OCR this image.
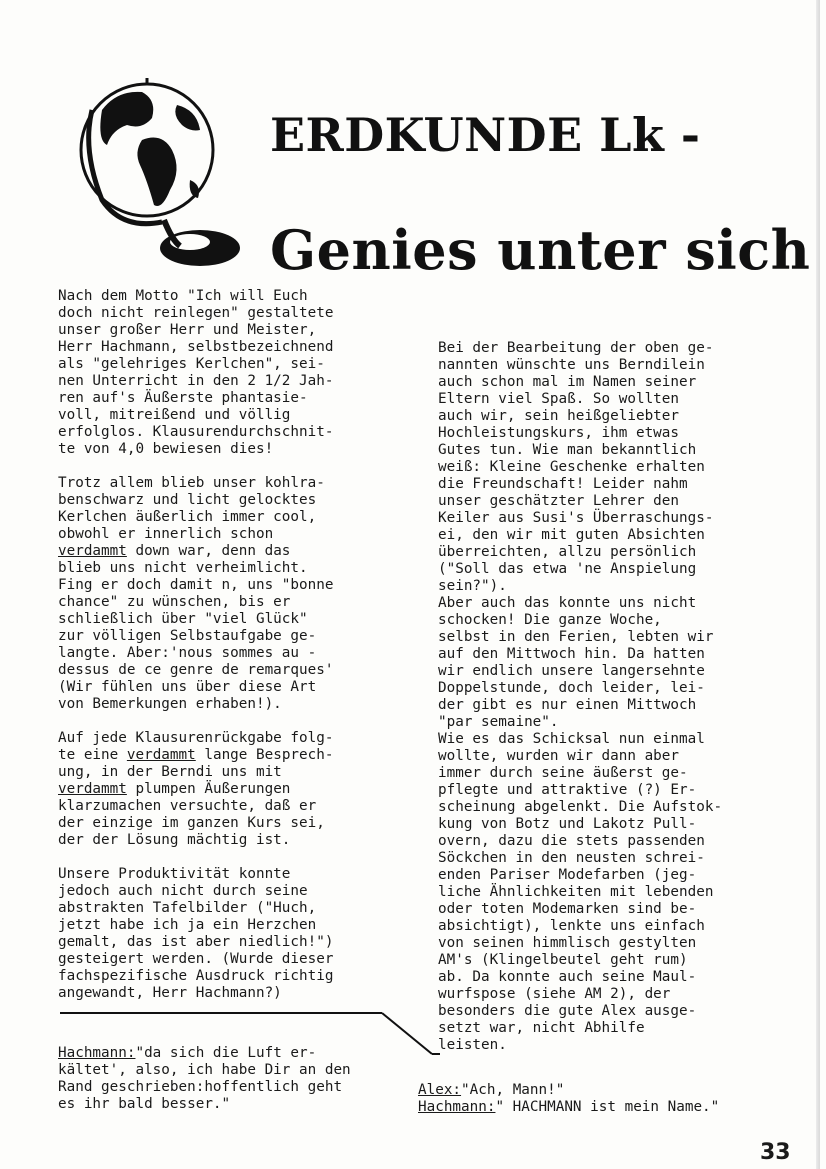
ERDKUNDE Lk -
Genies unter sich

Nach dem Motto "Ich will Euch
doch nicht reinlegen" gestaltete
unser großer Herr und Meister,
Herr Hachmann, selbstbezeichnend
als "gelehriges Kerlchen", sei-
nen Unterricht in den 2 1/2 Jah-
ren auf's Äußerste phantasie-
voll, mitreißend und völlig
erfolglos. Klausurendurchschnit-
te von 4,0 bewiesen dies!

Trotz allem blieb unser kohlra-
benschwarz und licht gelocktes
Kerlchen äußerlich immer cool,
obwohl er innerlich schon
verdammt down war, denn das
blieb uns nicht verheimlicht.
Fing er doch damit n, uns "bonne
chance" zu wünschen, bis er
schließlich über "viel Glück"
zur völligen Selbstaufgabe ge-
langte. Aber:'nous sommes au -
dessus de ce genre de remarques'
(Wir fühlen uns über diese Art
von Bemerkungen erhaben!).

Auf jede Klausurenrückgabe folg-
te eine verdammt lange Besprech-
ung, in der Berndi uns mit
verdammt plumpen Äußerungen
klarzumachen versuchte, daß er
der einzige im ganzen Kurs sei,
der der Lösung mächtig ist.

Unsere Produktivität konnte
jedoch auch nicht durch seine
abstrakten Tafelbilder ("Huch,
jetzt habe ich ja ein Herzchen
gemalt, das ist aber niedlich!")
gesteigert werden. (Wurde dieser
fachspezifische Ausdruck richtig
angewandt, Herr Hachmann?)

Bei der Bearbeitung der oben ge-
nannten wünschte uns Berndilein
auch schon mal im Namen seiner
Eltern viel Spaß. So wollten
auch wir, sein heißgeliebter
Hochleistungskurs, ihm etwas
Gutes tun. Wie man bekanntlich
weiß: Kleine Geschenke erhalten
die Freundschaft! Leider nahm
unser geschätzter Lehrer den
Keiler aus Susi's Überraschungs-
ei, den wir mit guten Absichten
überreichten, allzu persönlich
("Soll das etwa 'ne Anspielung
sein?").
Aber auch das konnte uns nicht
schocken! Die ganze Woche,
selbst in den Ferien, lebten wir
auf den Mittwoch hin. Da hatten
wir endlich unsere langersehnte
Doppelstunde, doch leider, lei-
der gibt es nur einen Mittwoch
"par semaine".
Wie es das Schicksal nun einmal
wollte, wurden wir dann aber
immer durch seine äußerst ge-
pflegte und attraktive (?) Er-
scheinung abgelenkt. Die Aufstok-
kung von Botz und Lakotz Pull-
overn, dazu die stets passenden
Söckchen in den neusten schrei-
enden Pariser Modefarben (jeg-
liche Ähnlichkeiten mit lebenden
oder toten Modemarken sind be-
absichtigt), lenkte uns einfach
von seinen himmlisch gestylten
AM's (Klingelbeutel geht rum)
ab. Da konnte auch seine Maul-
wurfspose (siehe AM 2), der
besonders die gute Alex ausge-
setzt war, nicht Abhilfe
leisten.

Hachmann:"da sich die Luft er-
kältet', also, ich habe Dir an den
Rand geschrieben:hoffentlich geht
es ihr bald besser."
Alex:"Ach, Mann!"
Hachmann:" HACHMANN ist mein Name."
33
